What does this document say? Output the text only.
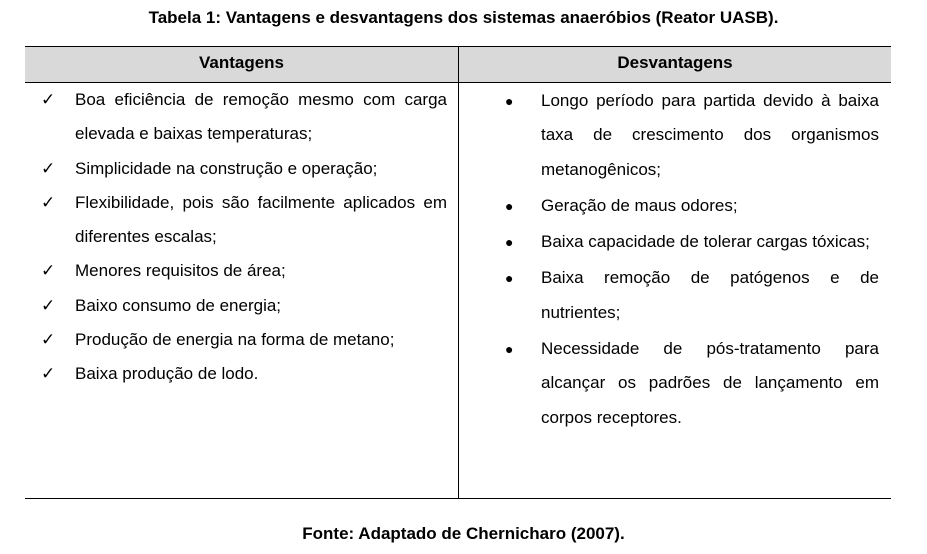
Tabela 1: Vantagens e desvantagens dos sistemas anaeróbios (Reator UASB).
Vantagens	Desvantagens
✓ Boa eficiência de remoção mesmo com carga elevada e baixas temperaturas;
✓ Simplicidade na construção e operação;
✓ Flexibilidade, pois são facilmente aplicados em diferentes escalas;
✓ Menores requisitos de área;
✓ Baixo consumo de energia;
✓ Produção de energia na forma de metano;
✓ Baixa produção de lodo.
● Longo período para partida devido à baixa taxa de crescimento dos organismos metanogênicos;
● Geração de maus odores;
● Baixa capacidade de tolerar cargas tóxicas;
● Baixa remoção de patógenos e de nutrientes;
● Necessidade de pós-tratamento para alcançar os padrões de lançamento em corpos receptores.
Fonte: Adaptado de Chernicharo (2007).
